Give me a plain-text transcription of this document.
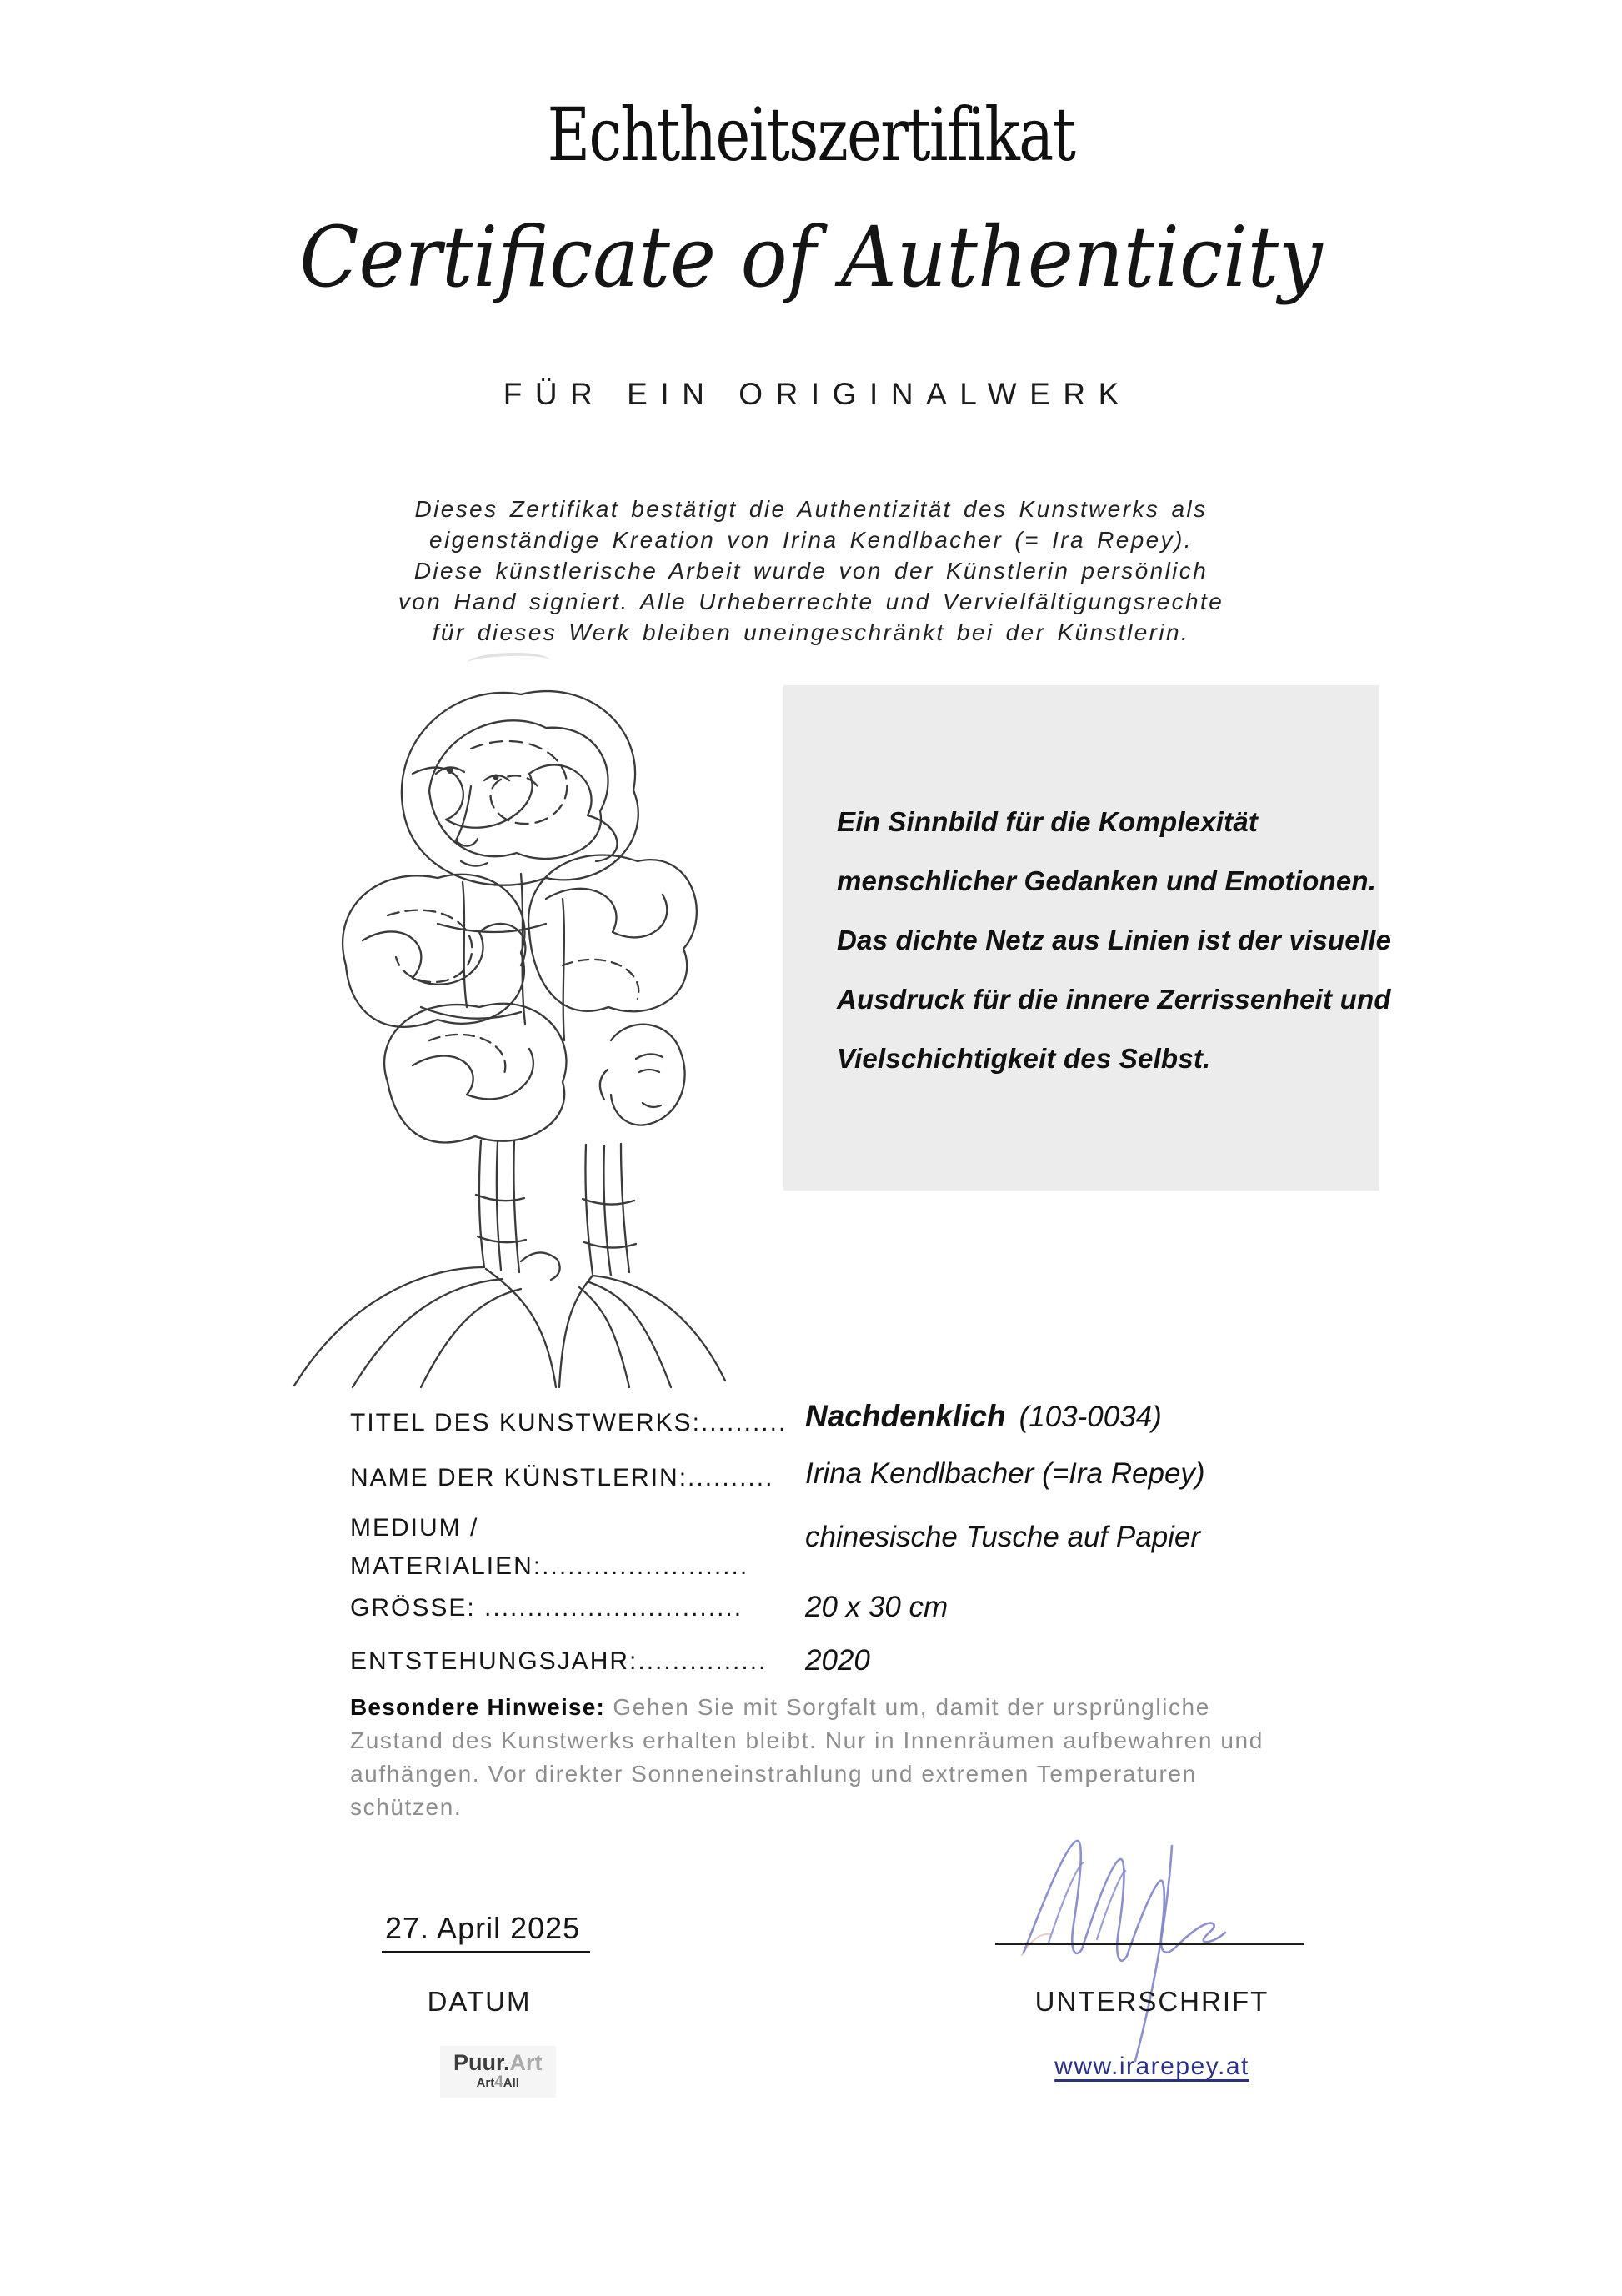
Echtheitszertifikat
Certificate of Authenticity
FÜR EIN ORIGINALWERK
Dieses Zertifikat bestätigt die Authentizität des Kunstwerks als
eigenständige Kreation von Irina Kendlbacher (= Ira Repey).
Diese künstlerische Arbeit wurde von der Künstlerin persönlich
von Hand signiert. Alle Urheberrechte und Vervielfältigungsrechte
für dieses Werk bleiben uneingeschränkt bei der Künstlerin.
Ein Sinnbild für die Komplexität
menschlicher Gedanken und Emotionen.
Das dichte Netz aus Linien ist der visuelle
Ausdruck für die innere Zerrissenheit und
Vielschichtigkeit des Selbst.
TITEL DES KUNSTWERKS:.......... Nachdenklich (103-0034)
NAME DER KÜNSTLERIN:.......... Irina Kendlbacher (=Ira Repey)
MEDIUM /
MATERIALIEN:........................
chinesische Tusche auf Papier
GRÖSSE: .............................. 20 x 30 cm
ENTSTEHUNGSJAHR:............... 2020
Besondere Hinweise: Gehen Sie mit Sorgfalt um, damit der ursprüngliche Zustand des Kunstwerks erhalten bleibt. Nur in Innenräumen aufbewahren und aufhängen. Vor direkter Sonneneinstrahlung und extremen Temperaturen schützen.
27. April 2025
DATUM	UNTERSCHRIFT
Puur.Art
Art4All
www.irarepey.at
